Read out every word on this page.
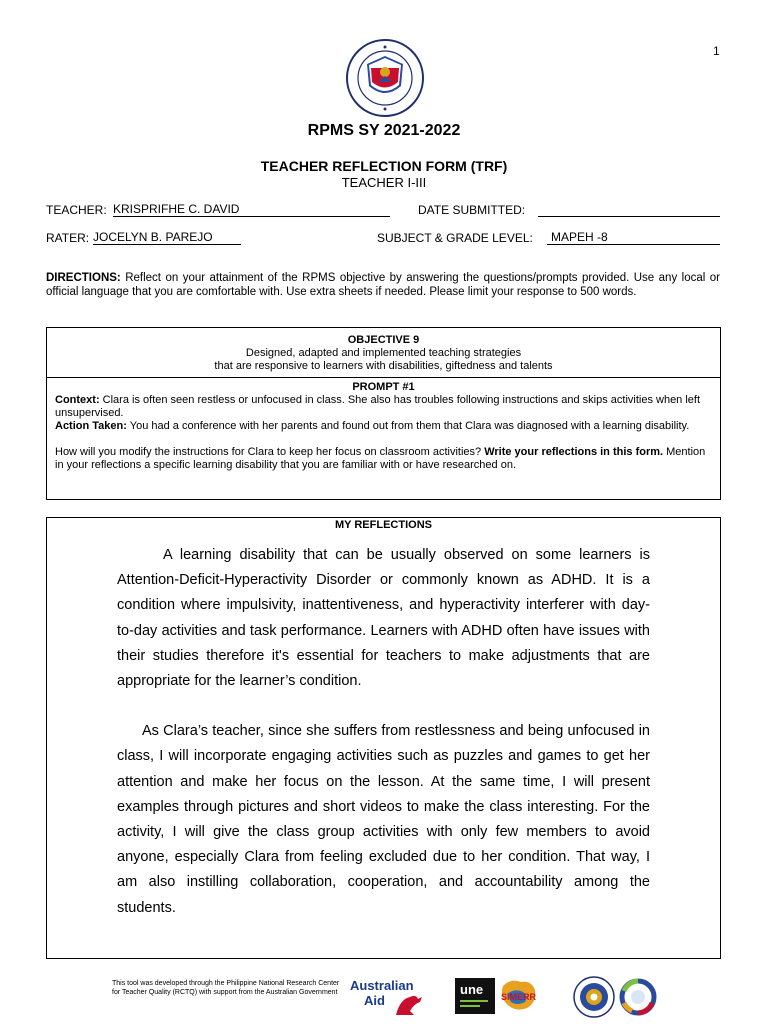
1
RPMS SY 2021-2022
TEACHER REFLECTION FORM (TRF)
TEACHER I-III
TEACHER: KRISPRIFHE C. DAVID	DATE SUBMITTED:
RATER: JOCELYN B. PAREJO	SUBJECT & GRADE LEVEL:	MAPEH -8
DIRECTIONS: Reflect on your attainment of the RPMS objective by answering the questions/prompts provided. Use any local or official language that you are comfortable with. Use extra sheets if needed. Please limit your response to 500 words.
OBJECTIVE 9
Designed, adapted and implemented teaching strategies
that are responsive to learners with disabilities, giftedness and talents
PROMPT #1

Context: Clara is often seen restless or unfocused in class. She also has troubles following instructions and skips activities when left unsupervised.

Action Taken: You had a conference with her parents and found out from them that Clara was diagnosed with a learning disability.

How will you modify the instructions for Clara to keep her focus on classroom activities? Write your reflections in this form. Mention in your reflections a specific learning disability that you are familiar with or have researched on.

MY REFLECTIONS

A learning disability that can be usually observed on some learners is Attention-Deficit-Hyperactivity Disorder or commonly known as ADHD. It is a condition where impulsivity, inattentiveness, and hyperactivity interferer with day-to-day activities and task performance. Learners with ADHD often have issues with their studies therefore it's essential for teachers to make adjustments that are appropriate for the learner’s condition.

As Clara’s teacher, since she suffers from restlessness and being unfocused in class, I will incorporate engaging activities such as puzzles and games to get her attention and make her focus on the lesson. At the same time, I will present examples through pictures and short videos to make the class interesting. For the activity, I will give the class group activities with only few members to avoid anyone, especially Clara from feeling excluded due to her condition. That way, I am also instilling collaboration, cooperation, and accountability among the students.

This tool was developed through the Philippine National Research Center for Teacher Quality (RCTQ) with support from the Australian Government Australian
Aid
une SiMERR
